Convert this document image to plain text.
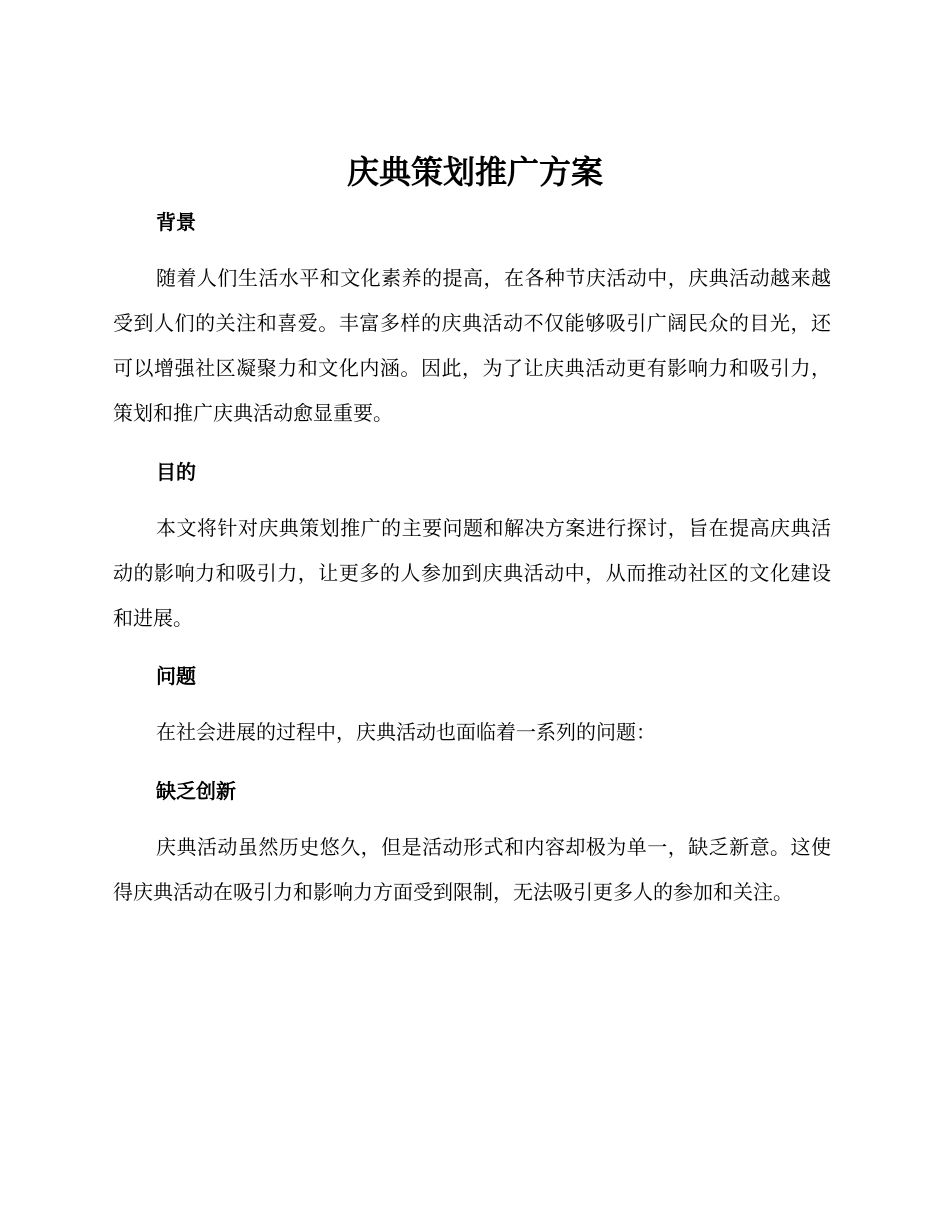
庆典策划推广方案
背景

随着人们生活水平和文化素养的提高，在各种节庆活动中，庆典活动越来越受到人们的关注和喜爱。丰富多样的庆典活动不仅能够吸引广阔民众的目光，还可以增强社区凝聚力和文化内涵。因此，为了让庆典活动更有影响力和吸引力，策划和推广庆典活动愈显重要。

目的

本文将针对庆典策划推广的主要问题和解决方案进行探讨，旨在提高庆典活动的影响力和吸引力，让更多的人参加到庆典活动中，从而推动社区的文化建设和进展。

问题

在社会进展的过程中，庆典活动也面临着一系列的问题：

缺乏创新

庆典活动虽然历史悠久，但是活动形式和内容却极为单一，缺乏新意。这使得庆典活动在吸引力和影响力方面受到限制，无法吸引更多人的参加和关注。
